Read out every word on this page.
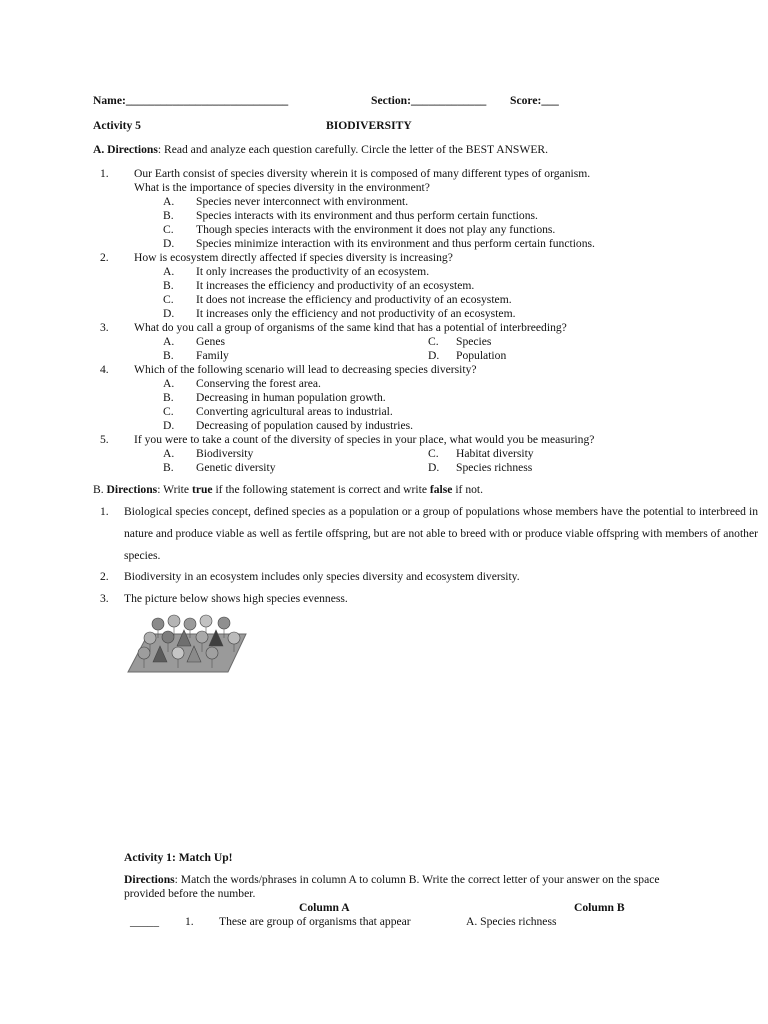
Name:____________________________	Section:_____________ Score:___
Activity 5	BIODIVERSITY
A. Directions: Read and analyze each question carefully. Circle the letter of the BEST ANSWER.
1. Our Earth consist of species diversity wherein it is composed of many different types of organism.
What is the importance of species diversity in the environment?
A. Species never interconnect with environment.
B. Species interacts with its environment and thus perform certain functions.
C. Though species interacts with the environment it does not play any functions.
D. Species minimize interaction with its environment and thus perform certain functions.
2. How is ecosystem directly affected if species diversity is increasing?
A. It only increases the productivity of an ecosystem.
B. It increases the efficiency and productivity of an ecosystem.
C. It does not increase the efficiency and productivity of an ecosystem.
D. It increases only the efficiency and not productivity of an ecosystem.
3. What do you call a group of organisms of the same kind that has a potential of interbreeding?
A. Genes
B. Family
C. Species
D. Population
4. Which of the following scenario will lead to decreasing species diversity?
A. Conserving the forest area.
B. Decreasing in human population growth.
C. Converting agricultural areas to industrial.
D. Decreasing of population caused by industries.
5. If you were to take a count of the diversity of species in your place, what would you be measuring?
A. Biodiversity
B. Genetic diversity
C. Habitat diversity
D. Species richness
B. Directions: Write true if the following statement is correct and write false if not.
1. Biological species concept, defined species as a population or a group of populations whose members have the potential to interbreed in nature and produce viable as well as fertile offspring, but are not able to breed with or produce viable offspring with members of another species.
2. Biodiversity in an ecosystem includes only species diversity and ecosystem diversity.
3. The picture below shows high species evenness.
Activity 1: Match Up!
Directions: Match the words/phrases in column A to column B. Write the correct letter of your answer on the space
provided before the number.
Column A	Column B
_____ 1. These are group of organisms that appear	A. Species richness
